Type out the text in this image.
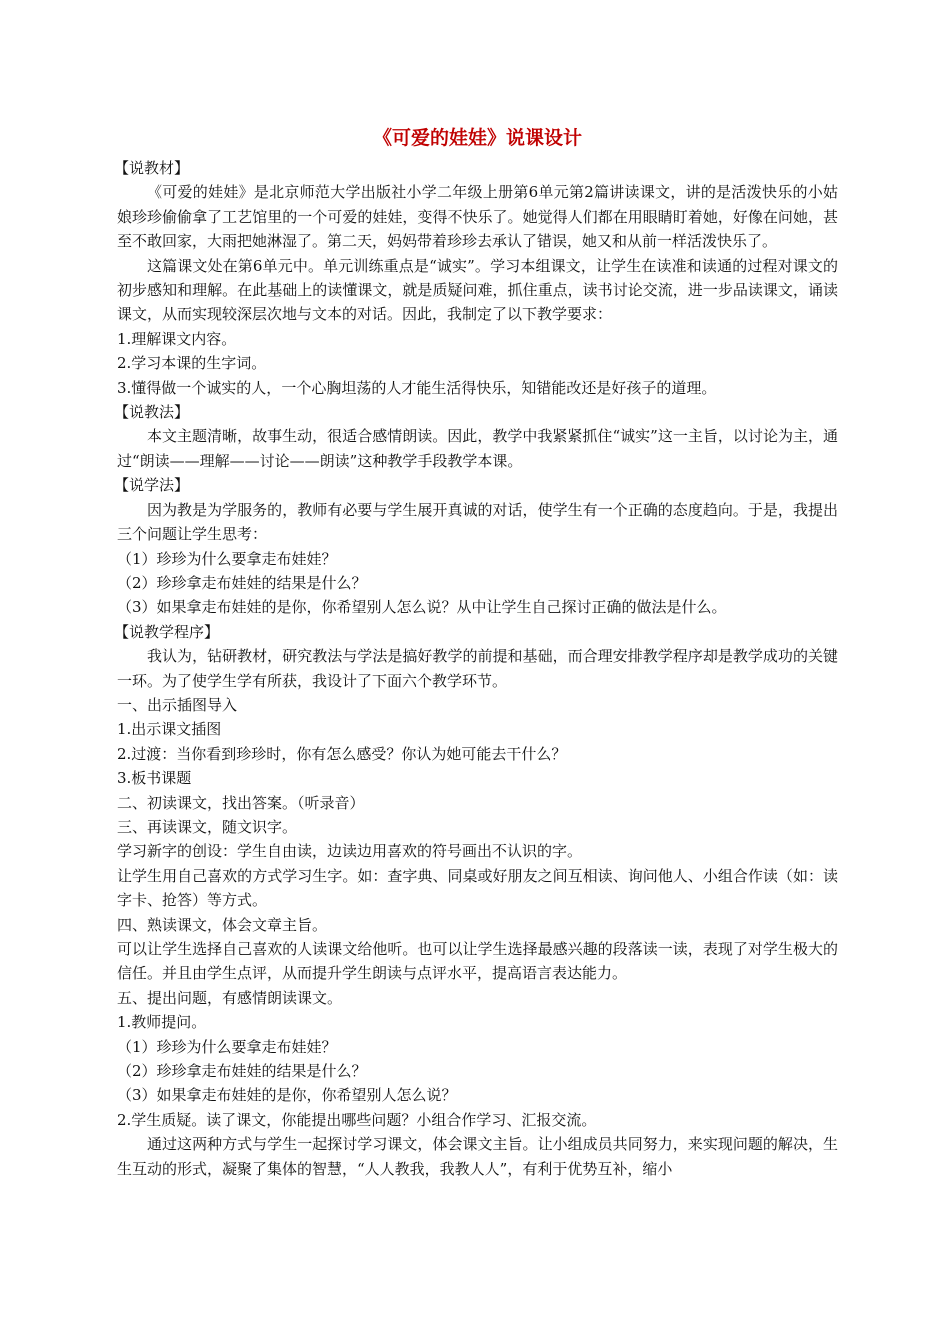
《可爱的娃娃》说课设计

【说教材】

《可爱的娃娃》是北京师范大学出版社小学二年级上册第6单元第2篇讲读课文，讲的是活泼快乐的小姑娘珍珍偷偷拿了工艺馆里的一个可爱的娃娃，变得不快乐了。她觉得人们都在用眼睛盯着她，好像在问她，甚至不敢回家，大雨把她淋湿了。第二天，妈妈带着珍珍去承认了错误，她又和从前一样活泼快乐了。

这篇课文处在第6单元中。单元训练重点是“诚实”。学习本组课文，让学生在读准和读通的过程对课文的初步感知和理解。在此基础上的读懂课文，就是质疑问难，抓住重点，读书讨论交流，进一步品读课文，诵读课文，从而实现较深层次地与文本的对话。因此，我制定了以下教学要求：

1.理解课文内容。

2.学习本课的生字词。

3.懂得做一个诚实的人，一个心胸坦荡的人才能生活得快乐，知错能改还是好孩子的道理。

【说教法】

本文主题清晰，故事生动，很适合感情朗读。因此，教学中我紧紧抓住“诚实”这一主旨，以讨论为主，通过“朗读——理解——讨论——朗读”这种教学手段教学本课。

【说学法】

因为教是为学服务的，教师有必要与学生展开真诚的对话，使学生有一个正确的态度趋向。于是，我提出三个问题让学生思考：

（1）珍珍为什么要拿走布娃娃？

（2）珍珍拿走布娃娃的结果是什么？

（3）如果拿走布娃娃的是你，你希望别人怎么说？从中让学生自己探讨正确的做法是什么。

【说教学程序】

我认为，钻研教材，研究教法与学法是搞好教学的前提和基础，而合理安排教学程序却是教学成功的关键一环。为了使学生学有所获，我设计了下面六个教学环节。

一、出示插图导入

1.出示课文插图

2.过渡：当你看到珍珍时，你有怎么感受？你认为她可能去干什么？

3.板书课题

二、初读课文，找出答案。（听录音）

三、再读课文，随文识字。

学习新字的创设：学生自由读，边读边用喜欢的符号画出不认识的字。

让学生用自己喜欢的方式学习生字。如：查字典、同桌或好朋友之间互相读、询问他人、小组合作读（如：读字卡、抢答）等方式。

四、熟读课文，体会文章主旨。

可以让学生选择自己喜欢的人读课文给他听。也可以让学生选择最感兴趣的段落读一读，表现了对学生极大的信任。并且由学生点评，从而提升学生朗读与点评水平，提高语言表达能力。

五、提出问题，有感情朗读课文。

1.教师提问。

（1）珍珍为什么要拿走布娃娃？

（2）珍珍拿走布娃娃的结果是什么？

（3）如果拿走布娃娃的是你，你希望别人怎么说？

2.学生质疑。读了课文，你能提出哪些问题？小组合作学习、汇报交流。

通过这两种方式与学生一起探讨学习课文，体会课文主旨。让小组成员共同努力，来实现问题的解决，生生互动的形式，凝聚了集体的智慧，“人人教我，我教人人”，有利于优势互补，缩小
